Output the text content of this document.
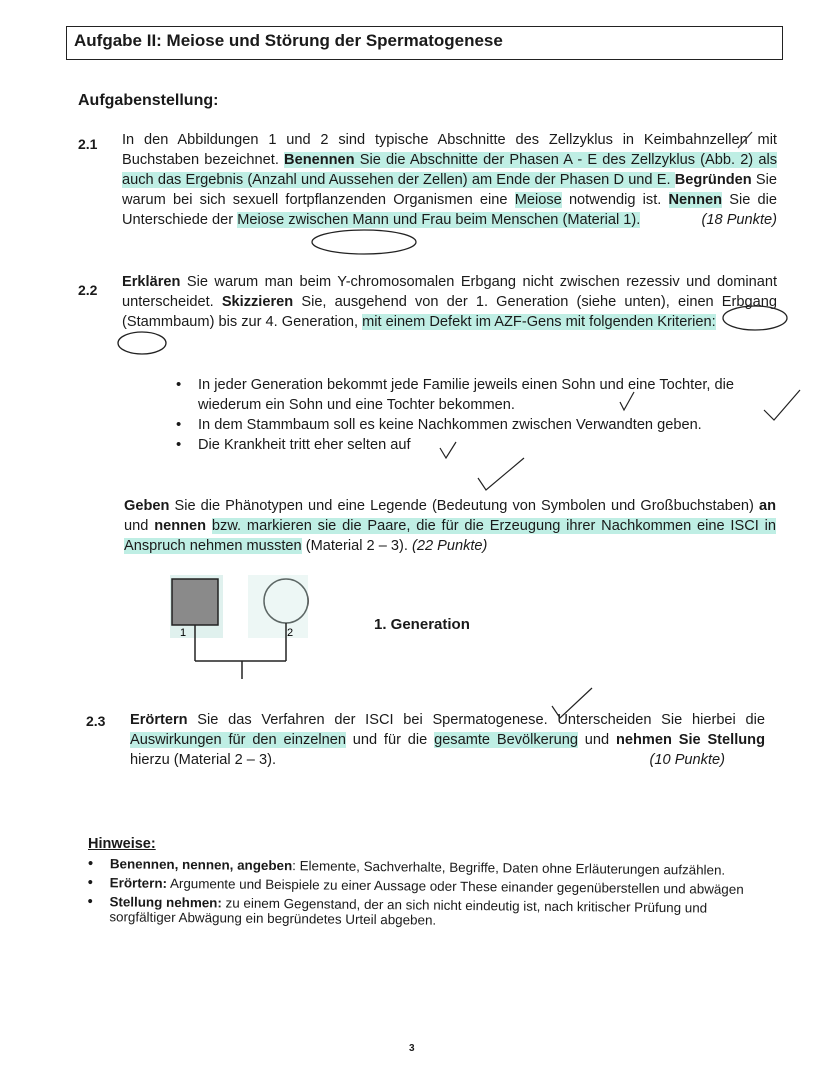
Aufgabe II: Meiose und Störung der Spermatogenese
Aufgabenstellung:
2.1 In den Abbildungen 1 und 2 sind typische Abschnitte des Zellzyklus in Keimbahnzellen mit Buchstaben bezeichnet. Benennen Sie die Abschnitte der Phasen A - E des Zellzyklus (Abb. 2) als auch das Ergebnis (Anzahl und Aussehen der Zellen) am Ende der Phasen D und E. Begründen Sie warum bei sich sexuell fortpflanzenden Organismen eine Meiose notwendig ist. Nennen Sie die Unterschiede der Meiose zwischen Mann und Frau beim Menschen (Material 1).	(18 Punkte)
2.2 Erklären Sie warum man beim Y-chromosomalen Erbgang nicht zwischen rezessiv und dominant unterscheidet. Skizzieren Sie, ausgehend von der 1. Generation (siehe unten), einen Erbgang (Stammbaum) bis zur 4. Generation, mit einem Defekt im AZF-Gens mit folgenden Kriterien:
• In jeder Generation bekommt jede Familie jeweils einen Sohn und eine Tochter, die wiederum ein Sohn und eine Tochter bekommen.
• In dem Stammbaum soll es keine Nachkommen zwischen Verwandten geben.
• Die Krankheit tritt eher selten auf
Geben Sie die Phänotypen und eine Legende (Bedeutung von Symbolen und Großbuchstaben) an und nennen bzw. markieren sie die Paare, die für die Erzeugung ihrer Nachkommen eine ISCI in Anspruch nehmen mussten (Material 2 – 3). (22 Punkte)
1	2	1. Generation
2.3 Erörtern Sie das Verfahren der ISCI bei Spermatogenese. Unterscheiden Sie hierbei die Auswirkungen für den einzelnen und für die gesamte Bevölkerung und nehmen Sie Stellung hierzu (Material 2 – 3).	(10 Punkte)
Hinweise:
• Benennen, nennen, angeben: Elemente, Sachverhalte, Begriffe, Daten ohne Erläuterungen aufzählen.
• Erörtern: Argumente und Beispiele zu einer Aussage oder These einander gegenüberstellen und abwägen
• Stellung nehmen: zu einem Gegenstand, der an sich nicht eindeutig ist, nach kritischer Prüfung und sorgfältiger Abwägung ein begründetes Urteil abgeben.
3
